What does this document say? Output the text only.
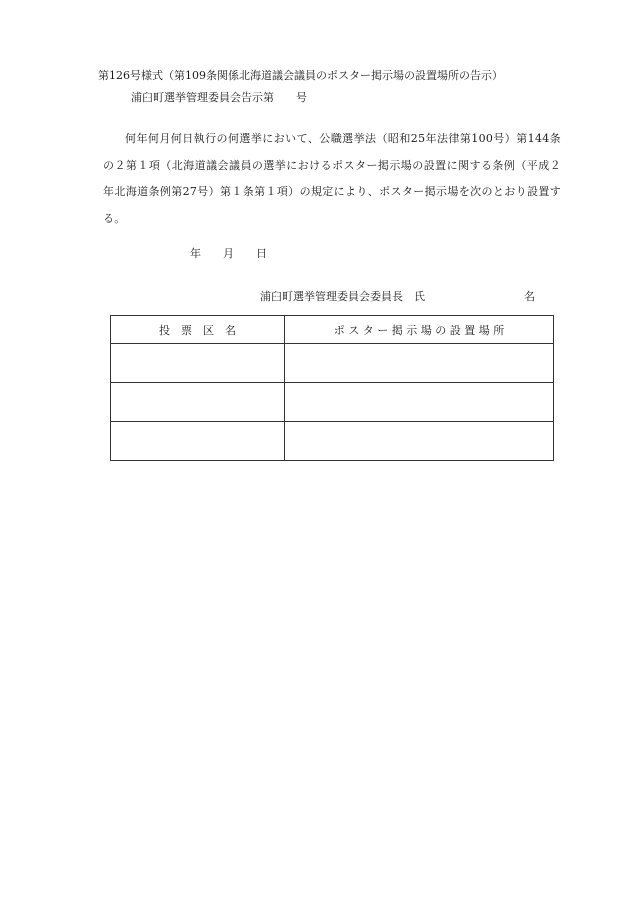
第126号様式（第109条関係北海道議会議員のポスター掲示場の設置場所の告示）
浦臼町選挙管理委員会告示第　　号
何年何月何日執行の何選挙において、公職選挙法（昭和25年法律第100号）第144条の２第１項（北海道議会議員の選挙におけるポスター掲示場の設置に関する条例（平成２年北海道条例第27号）第１条第１項）の規定により、ポスター掲示場を次のとおり設置する。
年　　月　　日
浦臼町選挙管理委員会委員長　氏　　　　　　　　　名
投　票　区　名	ポ ス タ ー 掲 示 場 の 設 置 場 所
